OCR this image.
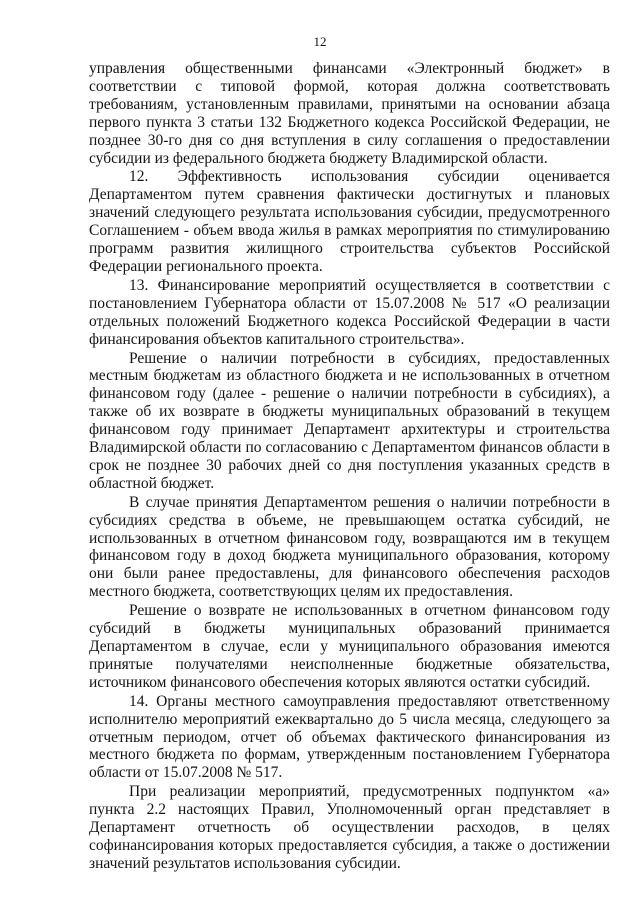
12

управления общественными финансами «Электронный бюджет» в соответствии с типовой формой, которая должна соответствовать требованиям, установленным правилами, принятыми на основании абзаца первого пункта 3 статьи 132 Бюджетного кодекса Российской Федерации, не позднее 30-го дня со дня вступления в силу соглашения о предоставлении субсидии из федерального бюджета бюджету Владимирской области.

12. Эффективность использования субсидии оценивается Департаментом путем сравнения фактически достигнутых и плановых значений следующего результата использования субсидии, предусмотренного Соглашением - объем ввода жилья в рамках мероприятия по стимулированию программ развития жилищного строительства субъектов Российской Федерации регионального проекта.

13. Финансирование мероприятий осуществляется в соответствии с постановлением Губернатора области от 15.07.2008 № 517 «О реализации отдельных положений Бюджетного кодекса Российской Федерации в части финансирования объектов капитального строительства».

Решение о наличии потребности в субсидиях, предоставленных местным бюджетам из областного бюджета и не использованных в отчетном финансовом году (далее - решение о наличии потребности в субсидиях), а также об их возврате в бюджеты муниципальных образований в текущем финансовом году принимает Департамент архитектуры и строительства Владимирской области по согласованию с Департаментом финансов области в срок не позднее 30 рабочих дней со дня поступления указанных средств в областной бюджет.

В случае принятия Департаментом решения о наличии потребности в субсидиях средства в объеме, не превышающем остатка субсидий, не использованных в отчетном финансовом году, возвращаются им в текущем финансовом году в доход бюджета муниципального образования, которому они были ранее предоставлены, для финансового обеспечения расходов местного бюджета, соответствующих целям их предоставления.

Решение о возврате не использованных в отчетном финансовом году субсидий в бюджеты муниципальных образований принимается Департаментом в случае, если у муниципального образования имеются принятые получателями неисполненные бюджетные обязательства, источником финансового обеспечения которых являются остатки субсидий.

14. Органы местного самоуправления предоставляют ответственному исполнителю мероприятий ежеквартально до 5 числа месяца, следующего за отчетным периодом, отчет об объемах фактического финансирования из местного бюджета по формам, утвержденным постановлением Губернатора области от 15.07.2008 № 517.

При реализации мероприятий, предусмотренных подпунктом «а» пункта 2.2 настоящих Правил, Уполномоченный орган представляет в Департамент отчетность об осуществлении расходов, в целях софинансирования которых предоставляется субсидия, а также о достижении значений результатов использования субсидии.
